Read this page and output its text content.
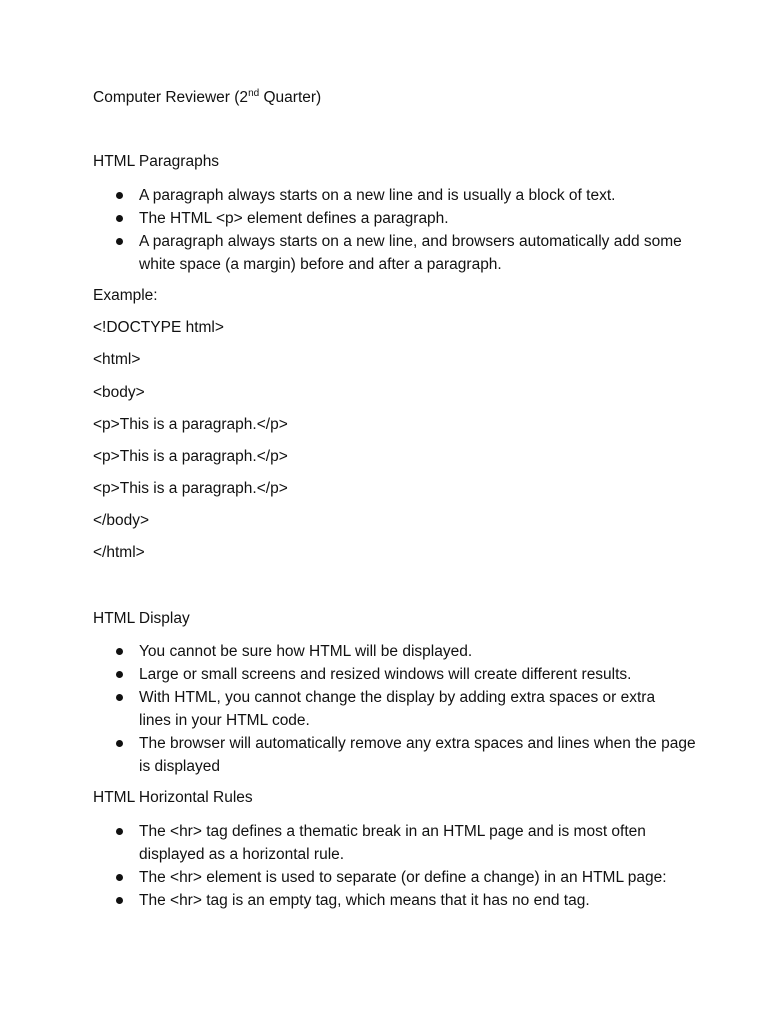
Computer Reviewer (2nd Quarter)
HTML Paragraphs
A paragraph always starts on a new line and is usually a block of text.
The HTML <p> element defines a paragraph.
A paragraph always starts on a new line, and browsers automatically add some white space (a margin) before and after a paragraph.
Example:
<!DOCTYPE html>
<html>
<body>
<p>This is a paragraph.</p>
<p>This is a paragraph.</p>
<p>This is a paragraph.</p>
</body>
</html>
HTML Display
You cannot be sure how HTML will be displayed.
Large or small screens and resized windows will create different results.
With HTML, you cannot change the display by adding extra spaces or extra lines in your HTML code.
The browser will automatically remove any extra spaces and lines when the page is displayed
HTML Horizontal Rules
The <hr> tag defines a thematic break in an HTML page and is most often displayed as a horizontal rule.
The <hr> element is used to separate (or define a change) in an HTML page:
The <hr> tag is an empty tag, which means that it has no end tag.
